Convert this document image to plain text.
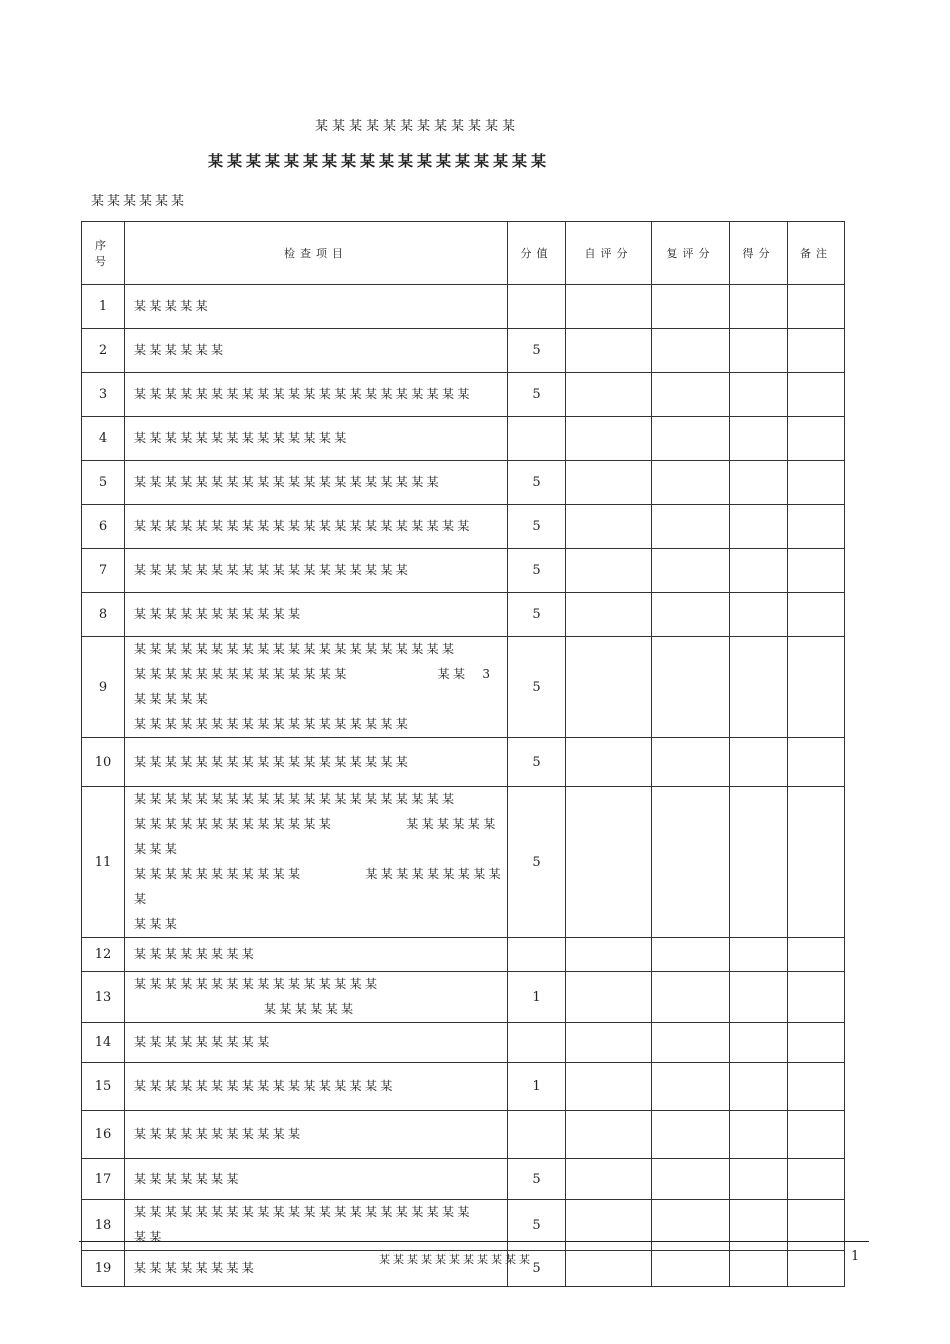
某某某某某某某某某某某某
某某某某某某某某某某某某某某某某某某
某某某某某某
序
号	检查项目	分值	自评分	复评分	得分	备注
1	某某某某某					
2	某某某某某某	5				
3	某某某某某某某某某某某某某某某某某某某某某某	5				
4	某某某某某某某某某某某某某某					
5	某某某某某某某某某某某某某某某某某某某某	5				
6	某某某某某某某某某某某某某某某某某某某某某某	5				
7	某某某某某某某某某某某某某某某某某某	5				
8	某某某某某某某某某某某	5				
9	某某某某某某某某某某某某某某某某某某某某某
某某某某某某某某某某某某某某 某某 3某某某某某
某某某某某某某某某某某某某某某某某某	5				
10	某某某某某某某某某某某某某某某某某某	5				
11	某某某某某某某某某某某某某某某某某某某某某
某某某某某某某某某某某某某 某某某某某某某某某
某某某某某某某某某某某 某某某某某某某某某某
某某某	5				
12	某某某某某某某某					
13	某某某某某某某某某某某某某某某某某某某某某某	1				
14	某某某某某某某某某					
15	某某某某某某某某某某某某某某某某某	1				
16	某某某某某某某某某某某					
17	某某某某某某某	5				
18	某某某某某某某某某某某某某某某某某某某某某某
某某	5				
19	某某某某某某某某	5				
某某某某某某某某某某某	1
